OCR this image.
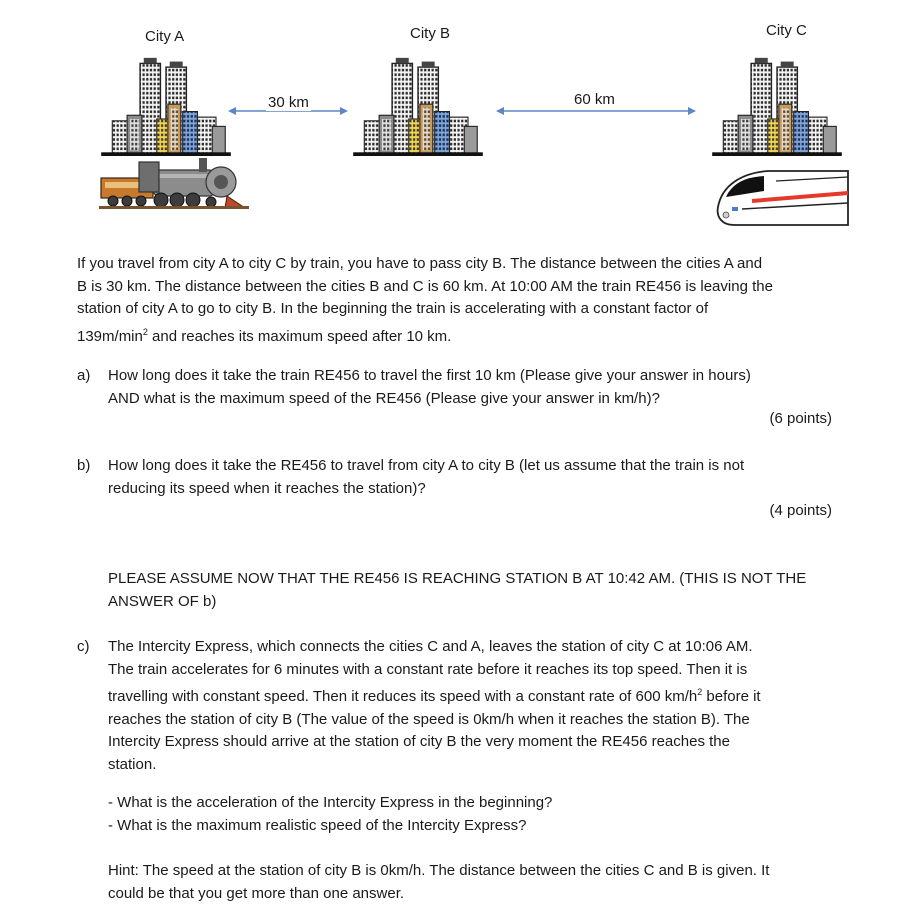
City A	City B	City C
30 km	60 km
If you travel from city A to city C by train, you have to pass city B. The distance between the cities A and
B is 30 km. The distance between the cities B and C is 60 km. At 10:00 AM the train RE456 is leaving the
station of city A to go to city B. In the beginning the train is accelerating with a constant factor of
$139m/\min^2$ and reaches its maximum speed after 10 km.
a) How long does it take the train RE456 to travel the first 10 km (Please give your answer in hours)
AND what is the maximum speed of the RE456 (Please give your answer in km/h)?
(6 points)
b) How long does it take the RE456 to travel from city A to city B (let us assume that the train is not
reducing its speed when it reaches the station)?
(4 points)
PLEASE ASSUME NOW THAT THE RE456 IS REACHING STATION B AT 10:42 AM. (THIS IS NOT THE
ANSWER OF b)
c) The Intercity Express, which connects the cities C and A, leaves the station of city C at 10:06 AM.
The train accelerates for 6 minutes with a constant rate before it reaches its top speed. Then it is
travelling with constant speed. Then it reduces its speed with a constant rate of 600 $km/h^2$ before it
reaches the station of city B (The value of the speed is 0km/h when it reaches the station B). The
Intercity Express should arrive at the station of city B the very moment the RE456 reaches the
station.
- What is the acceleration of the Intercity Express in the beginning?
- What is the maximum realistic speed of the Intercity Express?
Hint: The speed at the station of city B is 0km/h. The distance between the cities C and B is given. It
could be that you get more than one answer.
